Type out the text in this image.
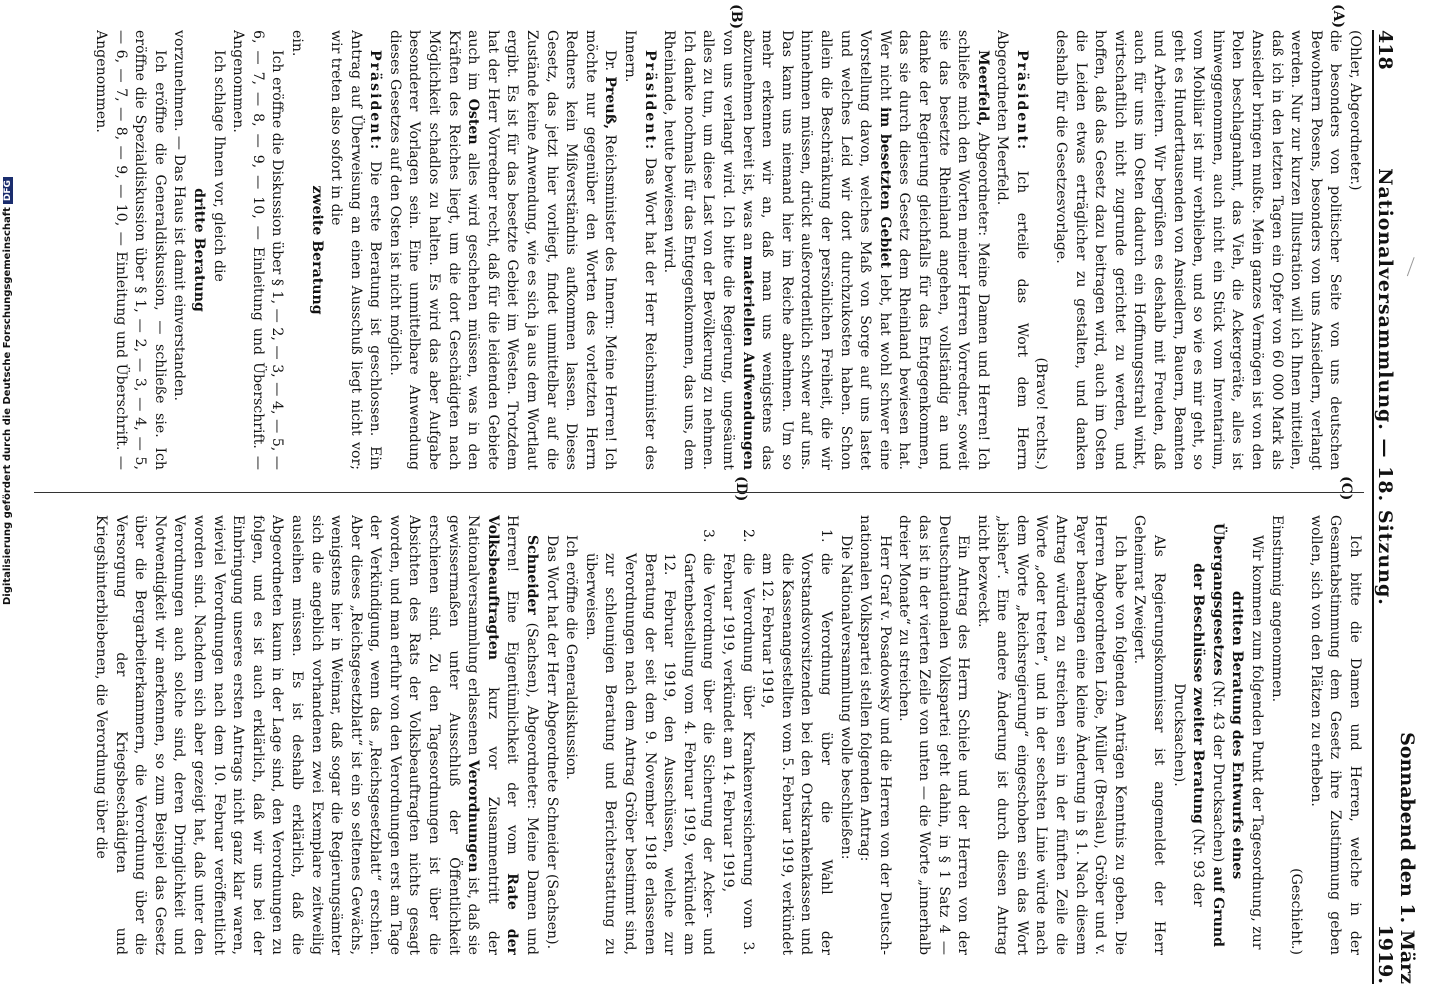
418
Nationalversammlung. — 18. Sitzung.
Sonnabend den 1. März 1919.
(A)
(B)
(C)
(D)

(Ohler, Abgeordneter.)

die besonders von politischer Seite von uns deutschen Bewohnern Posens, besonders von uns Ansiedlern, verlangt werden. Nur zur kurzen Illustration will ich Ihnen mitteilen, daß ich in den letzten Tagen ein Opfer von 60 000 Mark als Ansiedler bringen mußte. Mein ganzes Vermögen ist von den Polen beschlagnahmt, das Vieh, die Ackergeräte, alles ist hinweggenommen, auch nicht ein Stück vom Inventarium, vom Mobiliar ist mir verblieben, und so wie es mir geht, so geht es Hunderttausenden von Ansiedlern, Bauern, Beamten und Arbeitern. Wir begrüßen es deshalb mit Freuden, daß auch für uns im Osten dadurch ein Hoffnungsstrahl winkt, wirtschaftlich nicht zugrunde gerichtet zu werden, und hoffen, daß das Gesetz dazu beitragen wird, auch im Osten die Leiden etwas erträglicher zu gestalten, und danken deshalb für die Gesetzesvorlage.

(Bravo! rechts.)

Präsident: Ich erteile das Wort dem Herrn Abgeordneten Meerfeld.

Meerfeld, Abgeordneter: Meine Damen und Herren! Ich schließe mich den Worten meiner Herren Vorredner, soweit sie das besetzte Rheinland angehen, vollständig an und danke der Regierung gleichfalls für das Entgegenkommen, das sie durch dieses Gesetz dem Rheinland bewiesen hat. Wer nicht im besetzten Gebiet lebt, hat wohl schwer eine Vorstellung davon, welches Maß von Sorge auf uns lastet und welches Leid wir dort durchzukosten haben. Schon allein die Beschränkung der persönlichen Freiheit, die wir hinnehmen müssen, drückt außerordentlich schwer auf uns. Das kann uns niemand hier im Reiche abnehmen. Um so mehr erkennen wir an, daß man uns wenigstens das abzunehmen bereit ist, was an materiellen Aufwendungen von uns verlangt wird. Ich bitte die Regierung, ungesäumt alles zu tun, um diese Last von der Bevölkerung zu nehmen. Ich danke nochmals für das Entgegenkommen, das uns, dem Rheinlande, heute bewiesen wird.

Präsident: Das Wort hat der Herr Reichsminister des Innern.

Dr. Preuß, Reichsminister des Innern: Meine Herren! Ich möchte nur gegenüber den Worten des vorletzten Herrn Redners kein Mißverständnis aufkommen lassen. Dieses Gesetz, das jetzt hier vorliegt, findet unmittelbar auf die Zustände keine Anwendung, wie es sich ja aus dem Wortlaut ergibt. Es ist für das besetzte Gebiet im Westen. Trotzdem hat der Herr Vorredner recht, daß für die leidenden Gebiete auch im Osten alles wird geschehen müssen, was in den Kräften des Reiches liegt, um die dort Geschädigten nach Möglichkeit schadlos zu halten. Es wird das aber Aufgabe besonderer Vorlagen sein. Eine unmittelbare Anwendung dieses Gesetzes auf den Osten ist nicht möglich.

Präsident: Die erste Beratung ist geschlossen. Ein Antrag auf Überweisung an einen Ausschuß liegt nicht vor; wir treten also sofort in die

zweite Beratung

ein.

Ich eröffne die Diskussion über § 1, — 2, — 3, — 4, — 5, — 6, — 7, — 8, — 9, — 10, — Einleitung und Überschrift. — Angenommen.

Ich schlage Ihnen vor, gleich die

dritte Beratung

vorzunehmen. — Das Haus ist damit einverstanden.

Ich eröffne die Generaldiskussion, — schließe sie. Ich eröffne die Spezialdiskussion über § 1, — 2, — 3, — 4, — 5, — 6, — 7, — 8, — 9, — 10, — Einleitung und Überschrift. — Angenommen.

Ich bitte die Damen und Herren, welche in der Gesamtabstimmung dem Gesetz ihre Zustimmung geben wollen, sich von den Plätzen zu erheben.

(Geschieht.)

Einstimmig angenommen.

Wir kommen zum folgenden Punkt der Tagesordnung, zur

dritten Beratung des Entwurfs eines Übergangsgesetzes (Nr. 43 der Drucksachen) auf Grund der Beschlüsse zweiter Beratung (Nr. 93 der Drucksachen).

Als Regierungskommissar ist angemeldet der Herr Geheimrat Zweigert.

Ich habe von folgenden Anträgen Kenntnis zu geben. Die Herren Abgeordneten Löbe, Müller (Breslau), Gröber und v. Payer beantragen eine kleine Änderung in § 1. Nach diesem Antrag würden zu streichen sein in der fünften Zeile die Worte „oder treten“, und in der sechsten Linie würde nach dem Worte „Reichsregierung“ eingeschoben sein das Wort „bisher“. Eine andere Änderung ist durch diesen Antrag nicht bezweckt.

Ein Antrag des Herrn Schiele und der Herren von der Deutschnationalen Volkspartei geht dahin, in § 1 Satz 4 — das ist in der vierten Zeile von unten — die Worte „innerhalb dreier Monate“ zu streichen.

Herr Graf v. Posadowsky und die Herren von der Deutsch-nationalen Volkspartei stellen folgenden Antrag:

Die Nationalversammlung wolle beschließen:

1.
die Verordnung über die Wahl der Vorstandsvorsitzenden bei den Ortskrankenkassen und die Kassenangestellten vom 5. Februar 1919, verkündet am 12. Februar 1919,

2.
die Verordnung über Krankenversicherung vom 3. Februar 1919, verkündet am 14. Februar 1919,

3.
die Verordnung über die Sicherung der Acker- und Gartenbestellung vom 4. Februar 1919, verkündet am 12. Februar 1919, den Ausschüssen, welche zur Beratung der seit dem 9. November 1918 erlassenen Verordnungen nach dem Antrag Gröber bestimmt sind, zur schleunigen Beratung und Berichterstattung zu überweisen.

Ich eröffne die Generaldiskussion.

Das Wort hat der Herr Abgeordnete Schneider (Sachsen).

Schneider (Sachsen), Abgeordneter: Meine Damen und Herren! Eine Eigentümlichkeit der vom Rate der Volksbeauftragten kurz vor Zusammentritt der Nationalversammlung erlassenen Verordnungen ist, daß sie gewissermaßen unter Ausschluß der Öffentlichkeit erschienen sind. Zu den Tagesordnungen ist über die Absichten des Rats der Volksbeauftragten nichts gesagt worden, und man erfuhr von den Verordnungen erst am Tage der Verkündigung, wenn das „Reichsgesetzblatt“ erschien. Aber dieses „Reichsgesetzblatt“ ist ein so seltenes Gewächs, wenigstens hier in Weimar, daß sogar die Regierungsämter sich die angeblich vorhandenen zwei Exemplare zeitweilig ausleihen müssen. Es ist deshalb erklärlich, daß die Abgeordneten kaum in der Lage sind, den Verordnungen zu folgen, und es ist auch erklärlich, daß wir uns bei der Einbringung unseres ersten Antrags nicht ganz klar waren, wieviel Verordnungen nach dem 10. Februar veröffentlicht worden sind. Nachdem sich aber gezeigt hat, daß unter den Verordnungen auch solche sind, deren Dringlichkeit und Notwendigkeit wir anerkennen, so zum Beispiel das Gesetz über die Bergarbeiterkammern, die Verordnung über die Versorgung der Kriegsbeschädigten und Kriegshinterbliebenen, die Verordnung über die

Digitalisierung gefördert durch die Deutsche ForschungsgemeinschaftDFG
